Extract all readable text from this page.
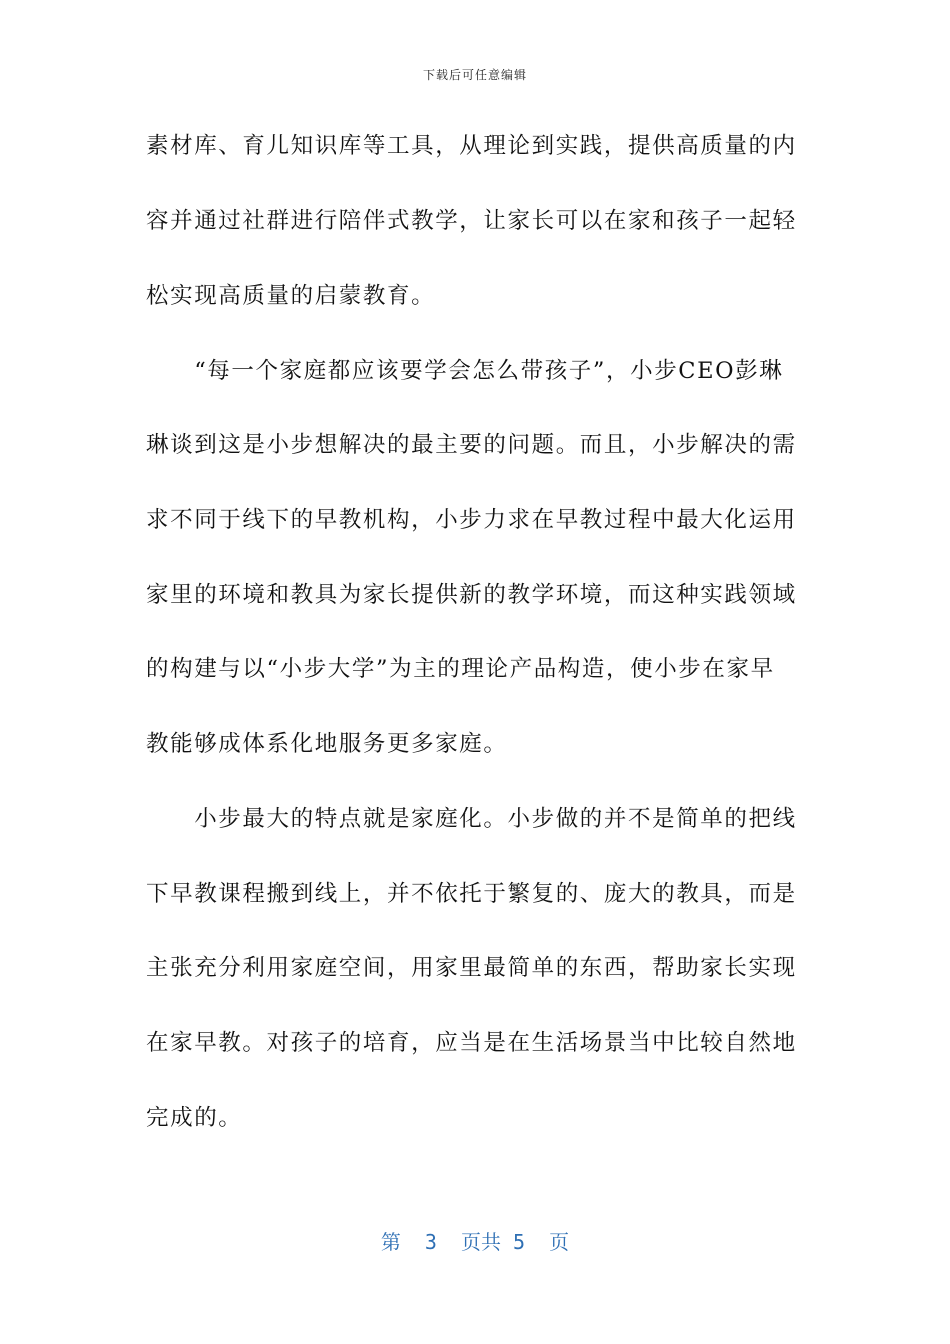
下载后可任意编辑
素材库、育儿知识库等工具，从理论到实践，提供高质量的内
容并通过社群进行陪伴式教学，让家长可以在家和孩子一起轻
松实现高质量的启蒙教育。
　　“每一个家庭都应该要学会怎么带孩子”，小步CEO彭琳
琳谈到这是小步想解决的最主要的问题。而且，小步解决的需
求不同于线下的早教机构，小步力求在早教过程中最大化运用
家里的环境和教具为家长提供新的教学环境，而这种实践领域
的构建与以“小步大学”为主的理论产品构造，使小步在家早
教能够成体系化地服务更多家庭。
　　小步最大的特点就是家庭化。小步做的并不是简单的把线
下早教课程搬到线上，并不依托于繁复的、庞大的教具，而是
主张充分利用家庭空间，用家里最简单的东西，帮助家长实现
在家早教。对孩子的培育，应当是在生活场景当中比较自然地
完成的。
第  3  页共 5  页
